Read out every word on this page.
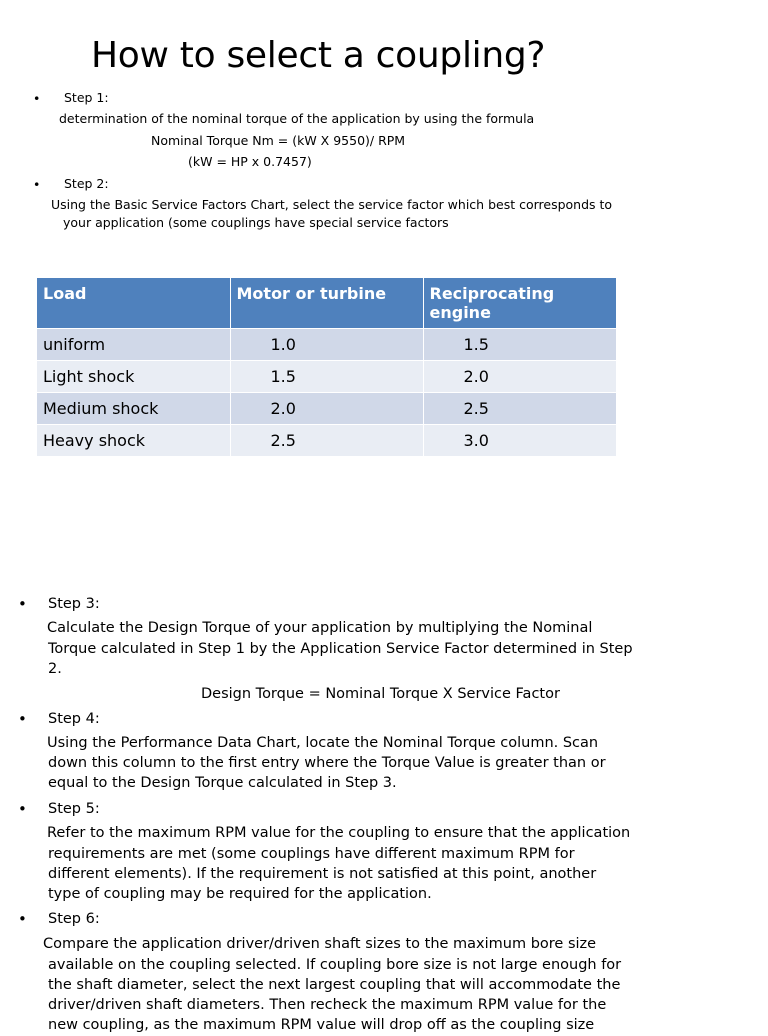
How to select a coupling?
• Step 1:
determination of the nominal torque of the application by using the formula
Nominal Torque Nm = (kW X 9550)/ RPM
(kW = HP x 0.7457)
• Step 2:
Using the Basic Service Factors Chart, select the service factor which best corresponds to
your application (some couplings have special service factors
Load	Motor or turbine	Reciprocating engine
uniform	1.0	1.5
Light shock	1.5	2.0
Medium shock	2.0	2.5
Heavy shock	2.5	3.0
• Step 3:
Calculate the Design Torque of your application by multiplying the Nominal
Torque calculated in Step 1 by the Application Service Factor determined in Step
2.
Design Torque = Nominal Torque X Service Factor
• Step 4:
Using the Performance Data Chart, locate the Nominal Torque column. Scan
down this column to the first entry where the Torque Value is greater than or
equal to the Design Torque calculated in Step 3.
• Step 5:
Refer to the maximum RPM value for the coupling to ensure that the application
requirements are met (some couplings have different maximum RPM for
different elements). If the requirement is not satisfied at this point, another
type of coupling may be required for the application.
• Step 6:
Compare the application driver/driven shaft sizes to the maximum bore size
available on the coupling selected. If coupling bore size is not large enough for
the shaft diameter, select the next largest coupling that will accommodate the
driver/driven shaft diameters. Then recheck the maximum RPM value for the
new coupling, as the maximum RPM value will drop off as the coupling size
